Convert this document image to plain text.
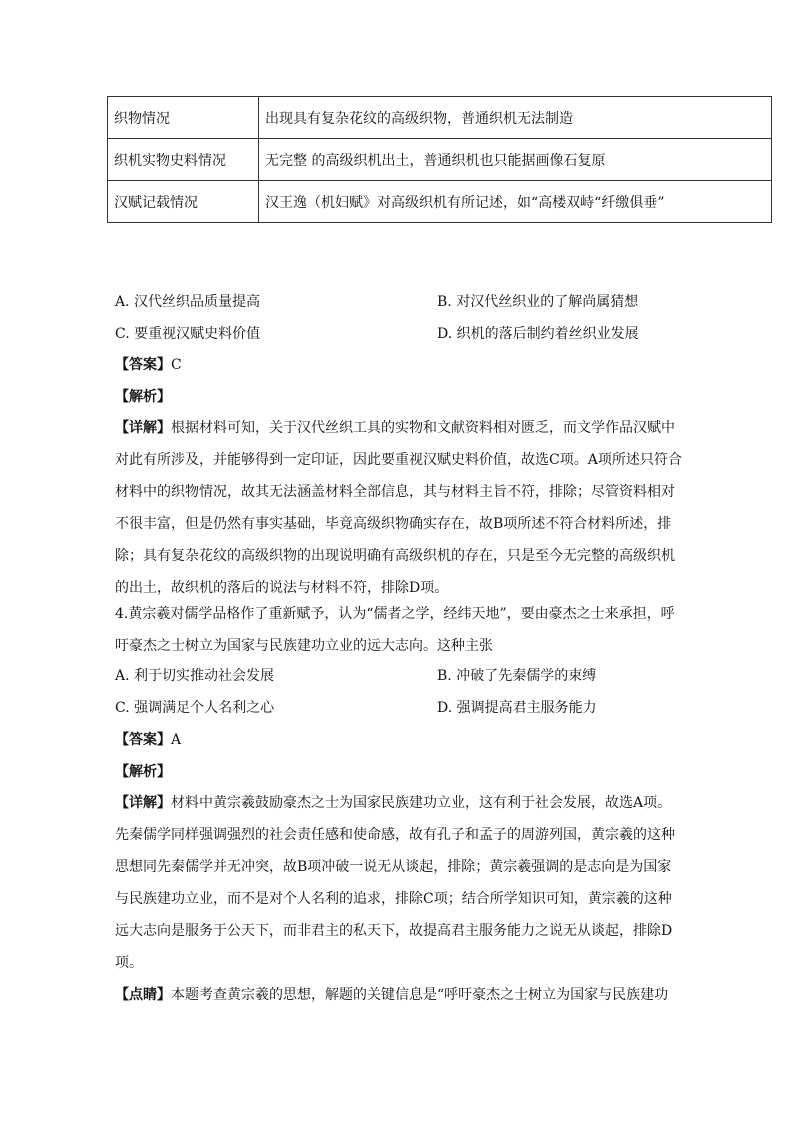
织物情况	出现具有复杂花纹的高级织物，普通织机无法制造
织机实物史料情况	无完整 的高级织机出土，普通织机也只能据画像石复原
汉赋记载情况	汉王逸（机妇赋》对高级织机有所记述，如“高楼双峙“纤缴俱垂”
A. 汉代丝织品质量提高	B. 对汉代丝织业的了解尚属猜想
C. 要重视汉赋史料价值	D. 织机的落后制约着丝织业发展
【答案】C
【解析】
【详解】根据材料可知，关于汉代丝织工具的实物和文献资料相对匮乏，而文学作品汉赋中
对此有所涉及，并能够得到一定印证，因此要重视汉赋史料价值，故选C项。A项所述只符合
材料中的织物情况，故其无法涵盖材料全部信息，其与材料主旨不符，排除；尽管资料相对
不很丰富，但是仍然有事实基础，毕竟高级织物确实存在，故B项所述不符合材料所述，排
除；具有复杂花纹的高级织物的出现说明确有高级织机的存在，只是至今无完整的高级织机
的出土，故织机的落后的说法与材料不符，排除D项。
4.黄宗羲对儒学品格作了重新赋予，认为“儒者之学，经纬天地”，要由豪杰之士来承担，呼
吁豪杰之士树立为国家与民族建功立业的远大志向。这种主张
A. 利于切实推动社会发展	B. 冲破了先秦儒学的束缚
C. 强调满足个人名利之心	D. 强调提高君主服务能力
【答案】A
【解析】
【详解】材料中黄宗羲鼓励豪杰之士为国家民族建功立业，这有利于社会发展，故选A项。
先秦儒学同样强调强烈的社会责任感和使命感，故有孔子和孟子的周游列国，黄宗羲的这种
思想同先秦儒学并无冲突，故B项冲破一说无从谈起，排除；黄宗羲强调的是志向是为国家
与民族建功立业，而不是对个人名利的追求，排除C项；结合所学知识可知，黄宗羲的这种
远大志向是服务于公天下，而非君主的私天下，故提高君主服务能力之说无从谈起，排除D
项。
【点睛】本题考查黄宗羲的思想，解题的关键信息是“呼吁豪杰之士树立为国家与民族建功
